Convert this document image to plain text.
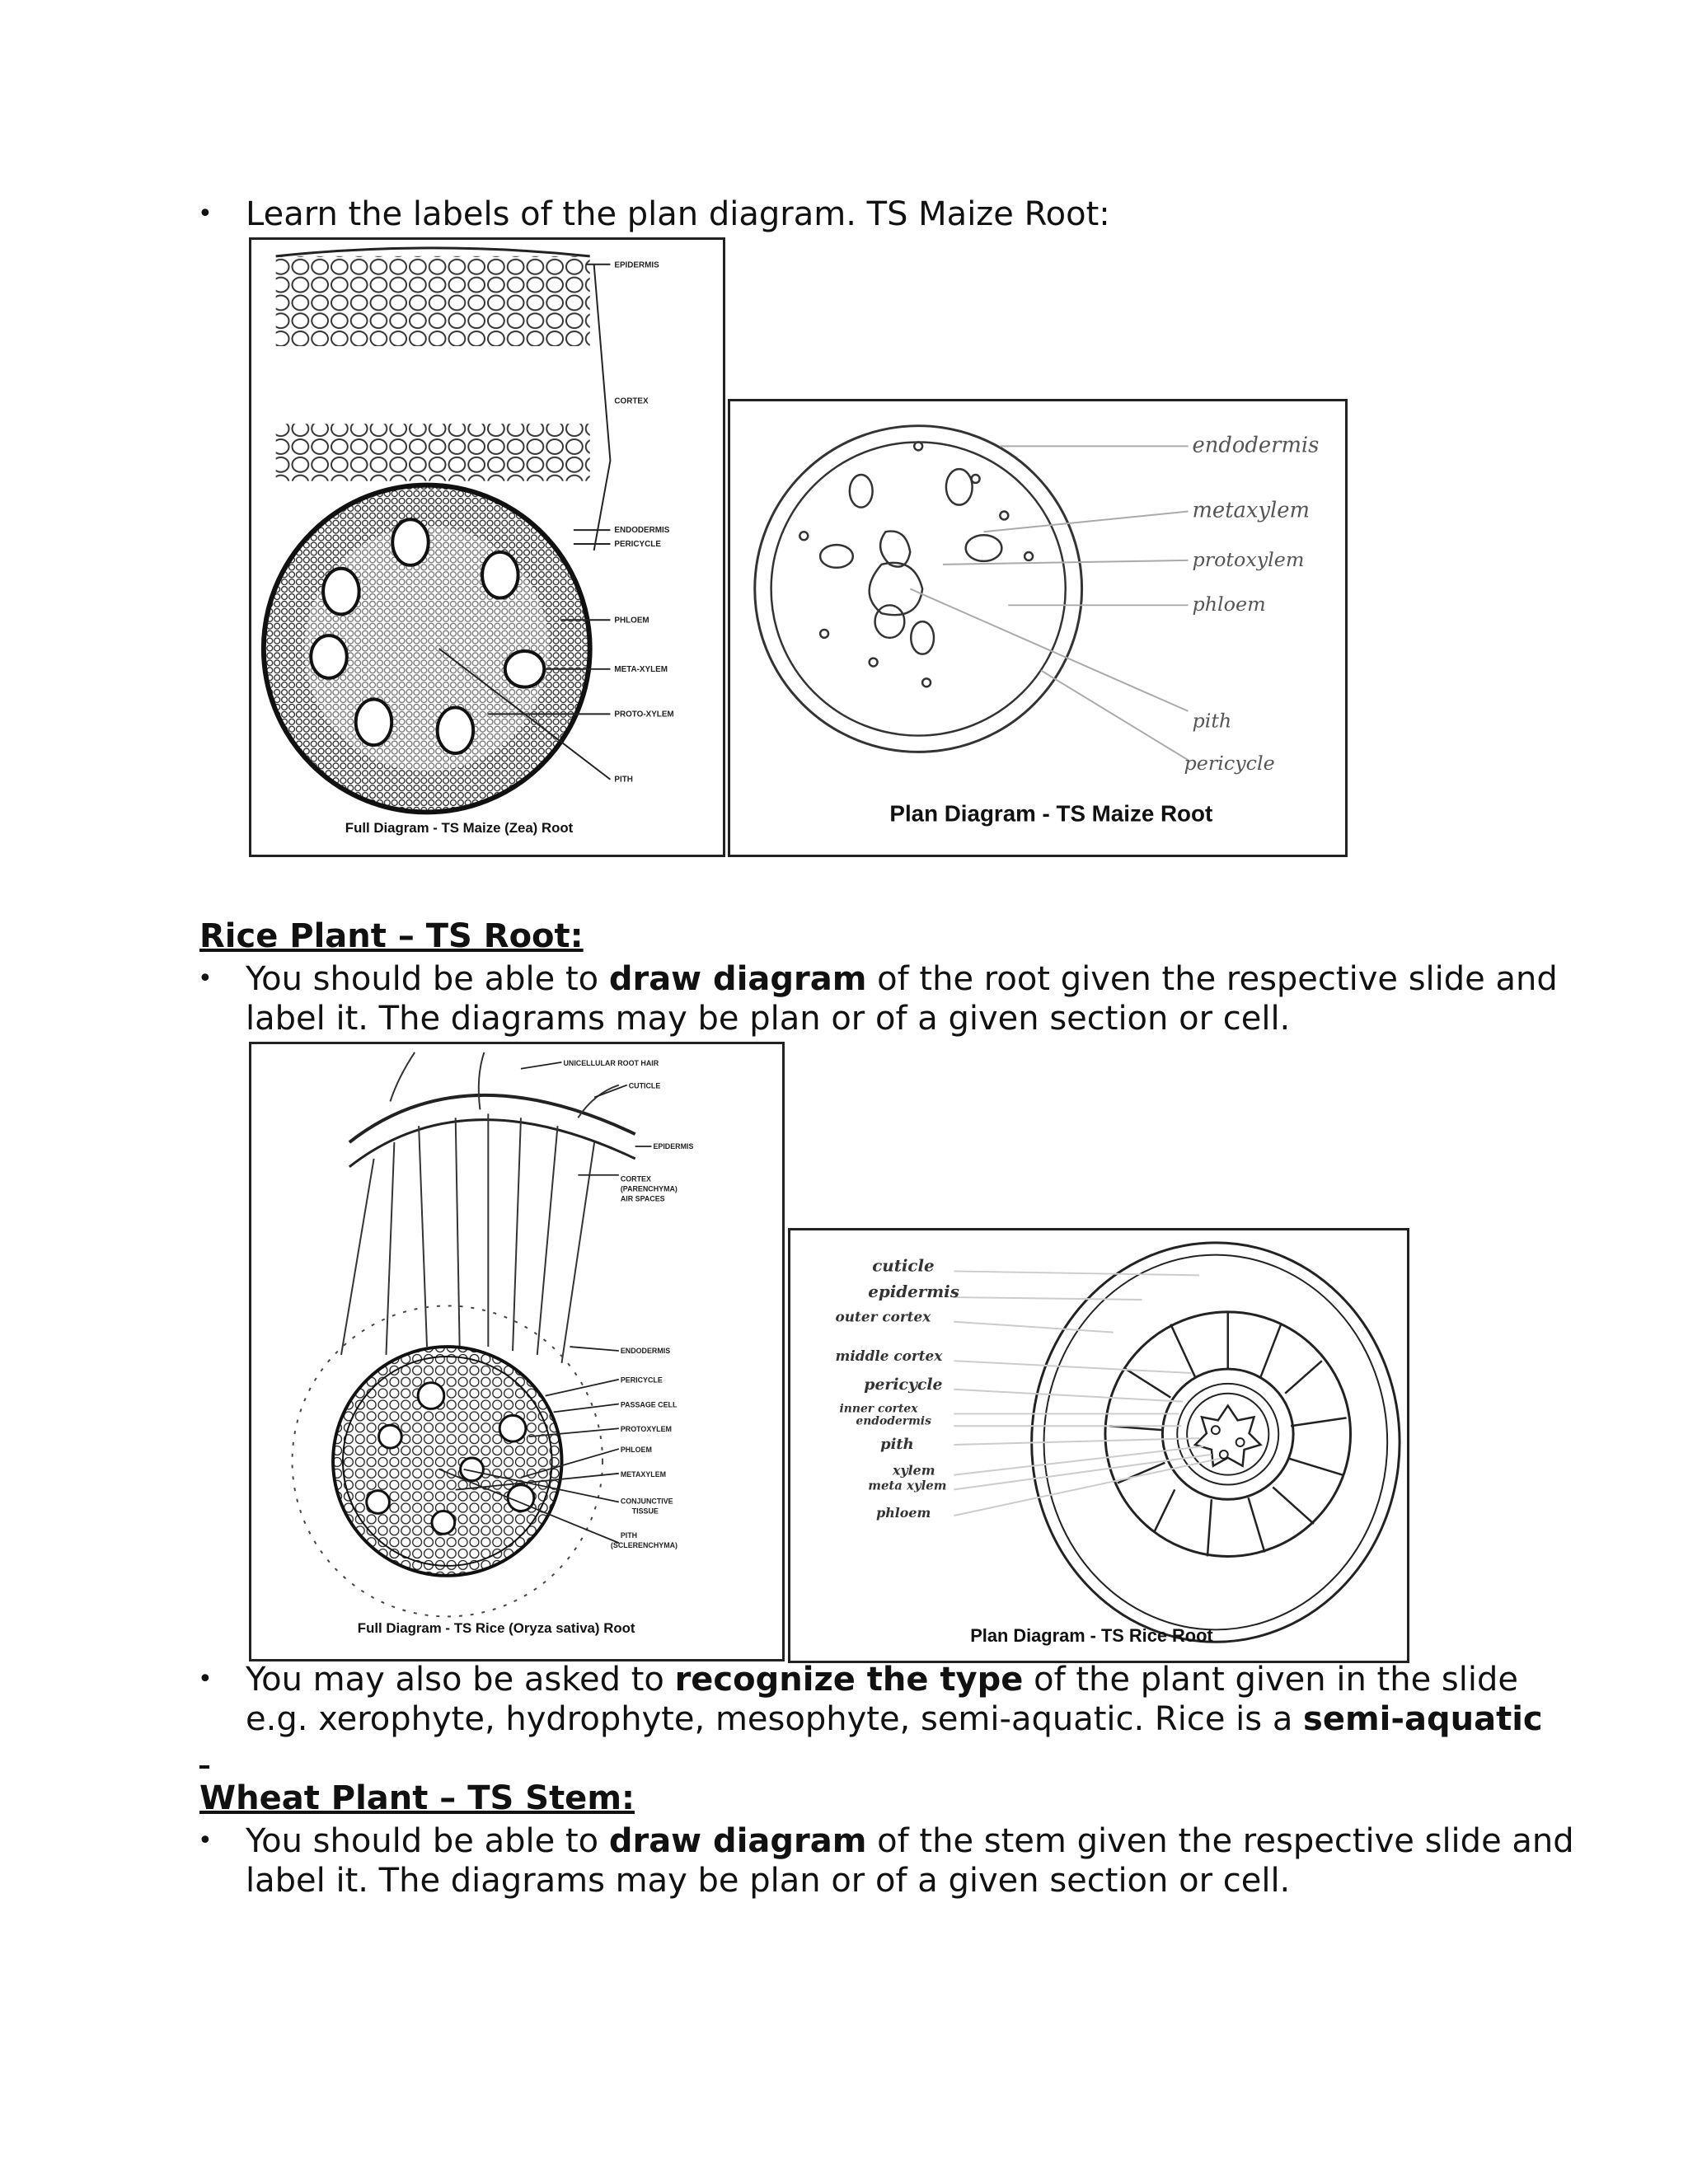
• Learn the labels of the plan diagram. TS Maize Root:
EPIDERMIS
CORTEX
ENDODERMIS
PERICYCLE
PHLOEM
META-XYLEM
PROTO-XYLEM
PITH
Full Diagram - TS Maize (Zea) Root
endodermis
metaxylem
protoxylem
phloem
pith
pericycle
Plan Diagram - TS Maize Root
Rice Plant – TS Root:
• You should be able to draw diagram of the root given the respective slide and
label it. The diagrams may be plan or of a given section or cell.
UNICELLULAR ROOT HAIR
CUTICLE
EPIDERMIS
CORTEX
(PARENCHYMA)
AIR SPACES
ENDODERMIS
PERICYCLE
PASSAGE CELL
PROTOXYLEM
PHLOEM
METAXYLEM
CONJUNCTIVE
TISSUE
PITH
(SCLERENCHYMA)
Full Diagram - TS Rice (Oryza sativa) Root
cuticle
epidermis
outer cortex
middle cortex
pericycle
inner cortex
endodermis
pith
xylem
meta xylem
phloem
Plan Diagram - TS Rice Root
• You may also be asked to recognize the type of the plant given in the slide
e.g. xerophyte, hydrophyte, mesophyte, semi-aquatic. Rice is a semi-aquatic
Wheat Plant – TS Stem:
• You should be able to draw diagram of the stem given the respective slide and
label it. The diagrams may be plan or of a given section or cell.
